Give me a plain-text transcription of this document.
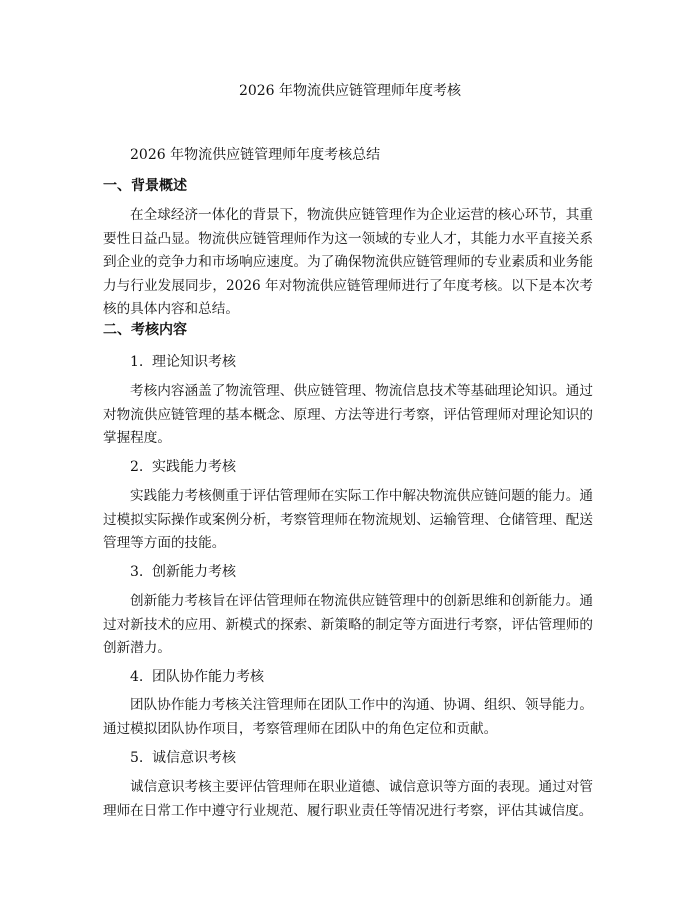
2026 年物流供应链管理师年度考核
2026 年物流供应链管理师年度考核总结
一、背景概述

在全球经济一体化的背景下，物流供应链管理作为企业运营的核心环节，其重要性日益凸显。物流供应链管理师作为这一领域的专业人才，其能力水平直接关系到企业的竞争力和市场响应速度。为了确保物流供应链管理师的专业素质和业务能力与行业发展同步，2026 年对物流供应链管理师进行了年度考核。以下是本次考核的具体内容和总结。

二、考核内容
1. 理论知识考核

考核内容涵盖了物流管理、供应链管理、物流信息技术等基础理论知识。通过对物流供应链管理的基本概念、原理、方法等进行考察，评估管理师对理论知识的掌握程度。

2. 实践能力考核

实践能力考核侧重于评估管理师在实际工作中解决物流供应链问题的能力。通过模拟实际操作或案例分析，考察管理师在物流规划、运输管理、仓储管理、配送管理等方面的技能。

3. 创新能力考核

创新能力考核旨在评估管理师在物流供应链管理中的创新思维和创新能力。通过对新技术的应用、新模式的探索、新策略的制定等方面进行考察，评估管理师的创新潜力。

4. 团队协作能力考核

团队协作能力考核关注管理师在团队工作中的沟通、协调、组织、领导能力。通过模拟团队协作项目，考察管理师在团队中的角色定位和贡献。

5. 诚信意识考核

诚信意识考核主要评估管理师在职业道德、诚信意识等方面的表现。通过对管理师在日常工作中遵守行业规范、履行职业责任等情况进行考察，评估其诚信度。
